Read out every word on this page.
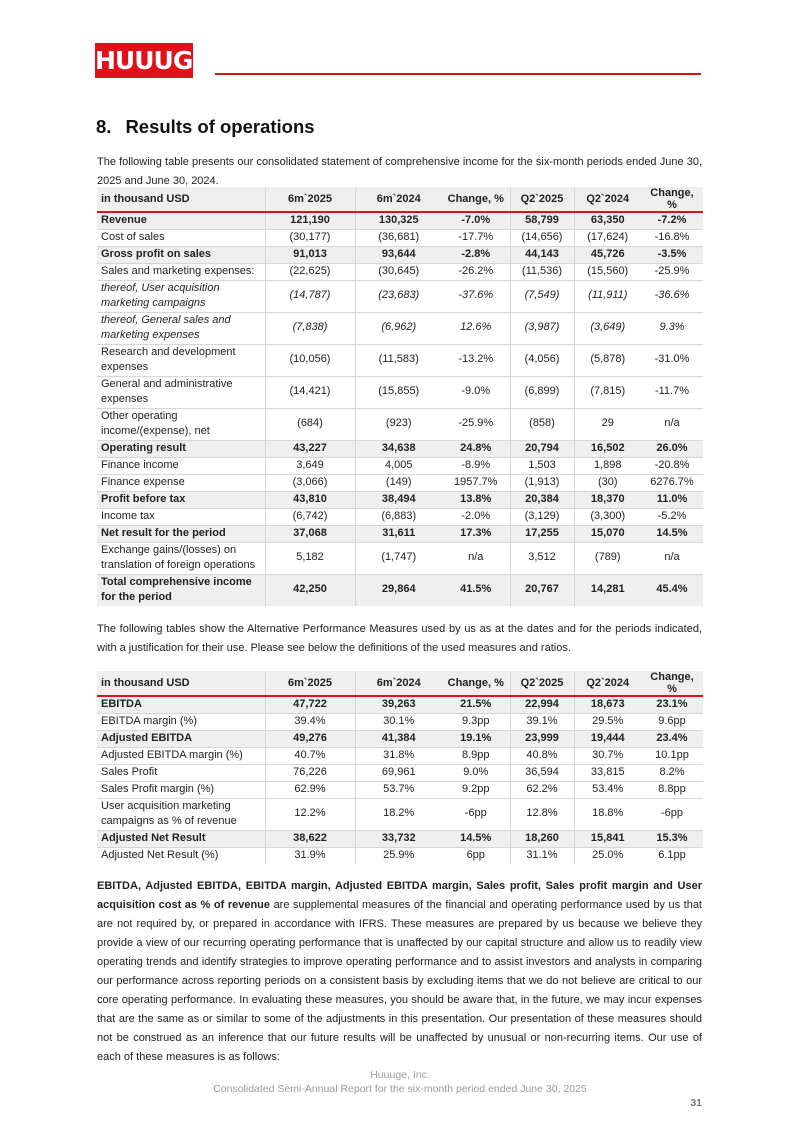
HUUUGE
8. Results of operations

The following table presents our consolidated statement of comprehensive income for the six-month periods ended June 30, 2025 and June 30, 2024.

in thousand USD	6m`2025	6m`2024	Change, %	Q2`2025	Q2`2024	Change, %
Revenue	121,190	130,325	-7.0%	58,799	63,350	-7.2%
Cost of sales	(30,177)	(36,681)	-17.7%	(14,656)	(17,624)	-16.8%
Gross profit on sales	91,013	93,644	-2.8%	44,143	45,726	-3.5%
Sales and marketing expenses:	(22,625)	(30,645)	-26.2%	(11,536)	(15,560)	-25.9%
thereof, User acquisition marketing campaigns	(14,787)	(23,683)	-37.6%	(7,549)	(11,911)	-36.6%
thereof, General sales and marketing expenses	(7,838)	(6,962)	12.6%	(3,987)	(3,649)	9.3%
Research and development expenses	(10,056)	(11,583)	-13.2%	(4,056)	(5,878)	-31.0%
General and administrative expenses	(14,421)	(15,855)	-9.0%	(6,899)	(7,815)	-11.7%
Other operating income/(expense), net	(684)	(923)	-25.9%	(858)	29	n/a
Operating result	43,227	34,638	24.8%	20,794	16,502	26.0%
Finance income	3,649	4,005	-8.9%	1,503	1,898	-20.8%
Finance expense	(3,066)	(149)	1957.7%	(1,913)	(30)	6276.7%
Profit before tax	43,810	38,494	13.8%	20,384	18,370	11.0%
Income tax	(6,742)	(6,883)	-2.0%	(3,129)	(3,300)	-5.2%
Net result for the period	37,068	31,611	17.3%	17,255	15,070	14.5%
Exchange gains/(losses) on translation of foreign operations	5,182	(1,747)	n/a	3,512	(789)	n/a
Total comprehensive income for the period	42,250	29,864	41.5%	20,767	14,281	45.4%

The following tables show the Alternative Performance Measures used by us as at the dates and for the periods indicated, with a justification for their use. Please see below the definitions of the used measures and ratios.

in thousand USD	6m`2025	6m`2024	Change, %	Q2`2025	Q2`2024	Change, %
EBITDA	47,722	39,263	21.5%	22,994	18,673	23.1%
EBITDA margin (%)	39.4%	30.1%	9.3pp	39.1%	29.5%	9.6pp
Adjusted EBITDA	49,276	41,384	19.1%	23,999	19,444	23.4%
Adjusted EBITDA margin (%)	40.7%	31.8%	8.9pp	40.8%	30.7%	10.1pp
Sales Profit	76,226	69,961	9.0%	36,594	33,815	8.2%
Sales Profit margin (%)	62.9%	53.7%	9.2pp	62.2%	53.4%	8.8pp
User acquisition marketing campaigns as % of revenue	12.2%	18.2%	-6pp	12.8%	18.8%	-6pp
Adjusted Net Result	38,622	33,732	14.5%	18,260	15,841	15.3%
Adjusted Net Result (%)	31.9%	25.9%	6pp	31.1%	25.0%	6.1pp

EBITDA, Adjusted EBITDA, EBITDA margin, Adjusted EBITDA margin, Sales profit, Sales profit margin and User acquisition cost as % of revenue are supplemental measures of the financial and operating performance used by us that are not required by, or prepared in accordance with IFRS. These measures are prepared by us because we believe they provide a view of our recurring operating performance that is unaffected by our capital structure and allow us to readily view operating trends and identify strategies to improve operating performance and to assist investors and analysts in comparing our performance across reporting periods on a consistent basis by excluding items that we do not believe are critical to our core operating performance. In evaluating these measures, you should be aware that, in the future, we may incur expenses that are the same as or similar to some of the adjustments in this presentation. Our presentation of these measures should not be construed as an inference that our future results will be unaffected by unusual or non-recurring items. Our use of each of these measures is as follows:

Huuuge, Inc.
Consolidated Semi-Annual Report for the six-month period ended June 30, 2025
31
